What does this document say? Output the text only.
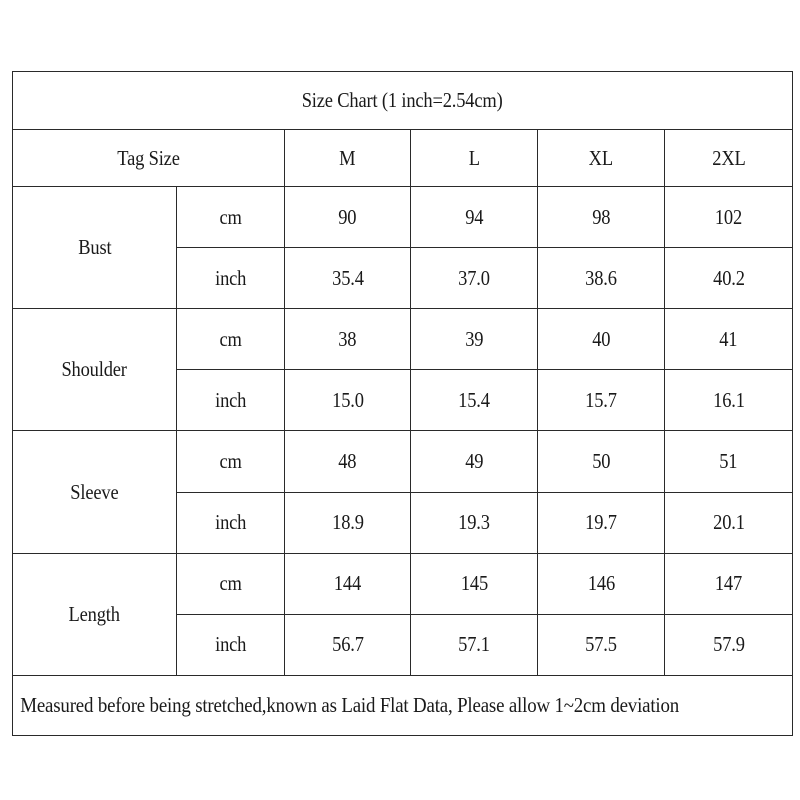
Size Chart (1 inch=2.54cm)					
Tag Size		M	L	XL	2XL
Bust	cm	90	94	98	102
	inch	35.4	37.0	38.6	40.2
Shoulder	cm	38	39	40	41
	inch	15.0	15.4	15.7	16.1
Sleeve	cm	48	49	50	51
	inch	18.9	19.3	19.7	20.1
Length	cm	144	145	146	147
	inch	56.7	57.1	57.5	57.9
Measured before being stretched,known as Laid Flat Data, Please allow 1~2cm deviation					
